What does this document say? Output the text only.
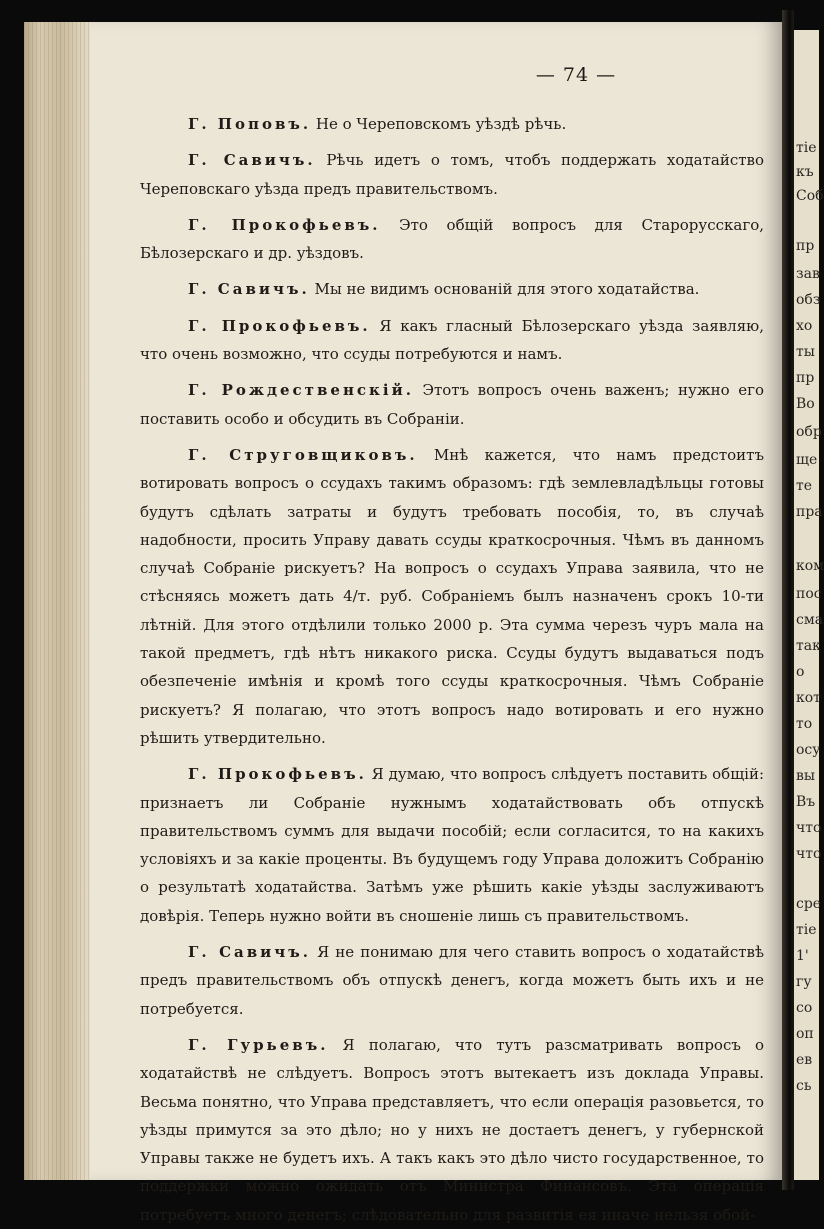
тіе
къ
Соб
пр
зав
обз
хо
ты
пр
Во
обр
ще
те
пра
ком
пос
сма
так
о
кот
то
осу
вы
Въ
что
что
сре
тіе
1'
гу
со
оп
ев
сь
— 74 —

Г. Поповъ. Не о Череповскомъ уѣздѣ рѣчь.

Г. Савичъ. Рѣчь идетъ о томъ, чтобъ поддержать ходатайство Череповскаго уѣзда предъ правительствомъ.

Г. Прокофьевъ. Это общій вопросъ для Старорусскаго, Бѣлозерскаго и др. уѣздовъ.

Г. Савичъ. Мы не видимъ основаній для этого ходатайства.

Г. Прокофьевъ. Я какъ гласный Бѣлозерскаго уѣзда заявляю, что очень возможно, что ссуды потребуются и намъ.

Г. Рождественскій. Этотъ вопросъ очень важенъ; нужно его поставить особо и обсудить въ Собраніи.

Г. Струговщиковъ. Мнѣ кажется, что намъ предстоитъ вотировать вопросъ о ссудахъ такимъ образомъ: гдѣ землевладѣльцы готовы будутъ сдѣлать затраты и будутъ требовать пособія, то, въ случаѣ надобности, просить Управу давать ссуды краткосрочныя. Чѣмъ въ данномъ случаѣ Собраніе рискуетъ? На вопросъ о ссудахъ Управа заявила, что не стѣсняясь можетъ дать 4/т. руб. Собраніемъ былъ назначенъ срокъ 10-ти лѣтній. Для этого отдѣлили только 2000 р. Эта сумма черезъ чуръ мала на такой предметъ, гдѣ нѣтъ никакого риска. Ссуды будутъ выдаваться подъ обезпеченіе имѣнія и кромѣ того ссуды краткосрочныя. Чѣмъ Собраніе рискуетъ? Я полагаю, что этотъ вопросъ надо вотировать и его нужно рѣшить утвердительно.

Г. Прокофьевъ. Я думаю, что вопросъ слѣдуетъ поставить общій: признаетъ ли Собраніе нужнымъ ходатайствовать объ отпускѣ правительствомъ суммъ для выдачи пособій; если согласится, то на какихъ условіяхъ и за какіе проценты. Въ будущемъ году Управа доложитъ Собранію о результатѣ ходатайства. Затѣмъ уже рѣшить какіе уѣзды заслуживаютъ довѣрія. Теперь нужно войти въ сношеніе лишь съ правительствомъ.

Г. Савичъ. Я не понимаю для чего ставить вопросъ о ходатайствѣ предъ правительствомъ объ отпускѣ денегъ, когда можетъ быть ихъ и не потребуется.

Г. Гурьевъ. Я полагаю, что тутъ разсматривать вопросъ о ходатайствѣ не слѣдуетъ. Вопросъ этотъ вытекаетъ изъ доклада Управы. Весьма понятно, что Управа представляетъ, что если операція разовьется, то уѣзды примутся за это дѣло; но у нихъ не достаетъ денегъ, у губернской Управы также не будетъ ихъ. А такъ какъ это дѣло чисто государственное, то поддержки можно ожидать отъ Министра Финансовъ. Эта операція потребуетъ много денегъ; слѣдовательно для развитія ея иначе нельзя обой-
